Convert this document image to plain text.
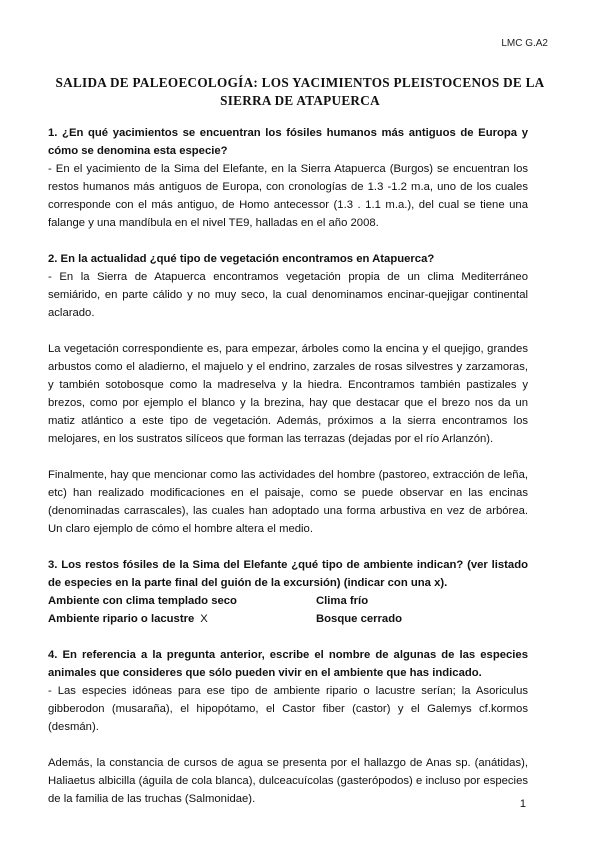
LMC G.A2
SALIDA DE PALEOECOLOGÍA: LOS YACIMIENTOS PLEISTOCENOS DE LA
SIERRA DE ATAPUERCA

1. ¿En qué yacimientos se encuentran los fósiles humanos más antiguos de Europa y cómo se denomina esta especie?

- En el yacimiento de la Sima del Elefante, en la Sierra Atapuerca (Burgos) se encuentran los restos humanos más antiguos de Europa, con cronologías de 1.3 -1.2 m.a, uno de los cuales corresponde con el más antiguo, de Homo antecessor (1.3 . 1.1 m.a.), del cual se tiene una falange y una mandíbula en el nivel TE9, halladas en el año 2008.

2. En la actualidad ¿qué tipo de vegetación encontramos en Atapuerca?

- En la Sierra de Atapuerca encontramos vegetación propia de un clima Mediterráneo semiárido, en parte cálido y no muy seco, la cual denominamos encinar-quejigar continental aclarado.

La vegetación correspondiente es, para empezar, árboles como la encina y el quejigo, grandes arbustos como el aladierno, el majuelo y el endrino, zarzales de rosas silvestres y zarzamoras, y también sotobosque como la madreselva y la hiedra. Encontramos también pastizales y brezos, como por ejemplo el blanco y la brezina, hay que destacar que el brezo nos da un matiz atlántico a este tipo de vegetación. Además, próximos a la sierra encontramos los melojares, en los sustratos silíceos que forman las terrazas (dejadas por el río Arlanzón).

Finalmente, hay que mencionar como las actividades del hombre (pastoreo, extracción de leña, etc) han realizado modificaciones en el paisaje, como se puede observar en las encinas (denominadas carrascales), las cuales han adoptado una forma arbustiva en vez de arbórea. Un claro ejemplo de cómo el hombre altera el medio.

3. Los restos fósiles de la Sima del Elefante ¿qué tipo de ambiente indican? (ver listado de especies en la parte final del guión de la excursión) (indicar con una x).

Ambiente con clima templado seco	Clima frío
Ambiente ripario o lacustre X	Bosque cerrado

4. En referencia a la pregunta anterior, escribe el nombre de algunas de las especies animales que consideres que sólo pueden vivir en el ambiente que has indicado.

- Las especies idóneas para ese tipo de ambiente ripario o lacustre serían; la Asoriculus gibberodon (musaraña), el hipopótamo, el Castor fiber (castor) y el Galemys cf.kormos (desmán).

Además, la constancia de cursos de agua se presenta por el hallazgo de Anas sp. (anátidas), Haliaetus albicilla (águila de cola blanca), dulceacuícolas (gasterópodos) e incluso por especies de la familia de las truchas (Salmonidae).	1
